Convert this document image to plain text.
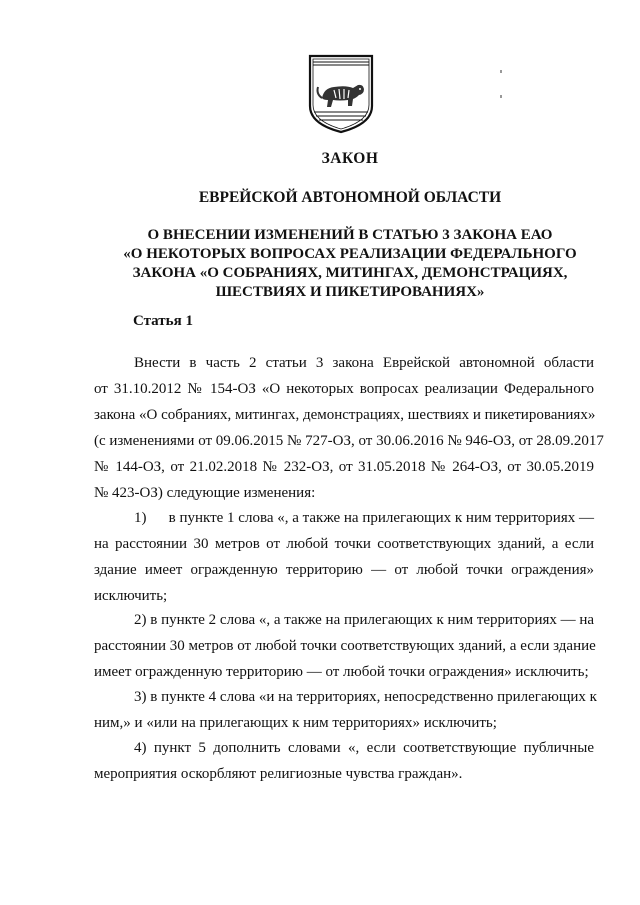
ЗАКОН
ЕВРЕЙСКОЙ АВТОНОМНОЙ ОБЛАСТИ
О ВНЕСЕНИИ ИЗМЕНЕНИЙ В СТАТЬЮ 3 ЗАКОНА ЕАО
«О НЕКОТОРЫХ ВОПРОСАХ РЕАЛИЗАЦИИ ФЕДЕРАЛЬНОГО
ЗАКОНА «О СОБРАНИЯХ, МИТИНГАХ, ДЕМОНСТРАЦИЯХ,
ШЕСТВИЯХ И ПИКЕТИРОВАНИЯХ»
Статья 1
Внести в часть 2 статьи 3 закона Еврейской автономной области
от 31.10.2012 № 154-ОЗ «О некоторых вопросах реализации Федерального
закона «О собраниях, митингах, демонстрациях, шествиях и пикетированиях»
(с изменениями от 09.06.2015 № 727-ОЗ, от 30.06.2016 № 946-ОЗ, от 28.09.2017
№ 144-ОЗ, от 21.02.2018 № 232-ОЗ, от 31.05.2018 № 264-ОЗ, от 30.05.2019
№ 423-ОЗ) следующие изменения:
1) в пункте 1 слова «, а также на прилегающих к ним территориях —
на расстоянии 30 метров от любой точки соответствующих зданий, а если
здание имеет огражденную территорию — от любой точки ограждения»
исключить;
2) в пункте 2 слова «, а также на прилегающих к ним территориях — на
расстоянии 30 метров от любой точки соответствующих зданий, а если здание
имеет огражденную территорию — от любой точки ограждения» исключить;
3) в пункте 4 слова «и на территориях, непосредственно прилегающих к
ним,» и «или на прилегающих к ним территориях» исключить;
4) пункт 5 дополнить словами «, если соответствующие публичные
мероприятия оскорбляют религиозные чувства граждан».
